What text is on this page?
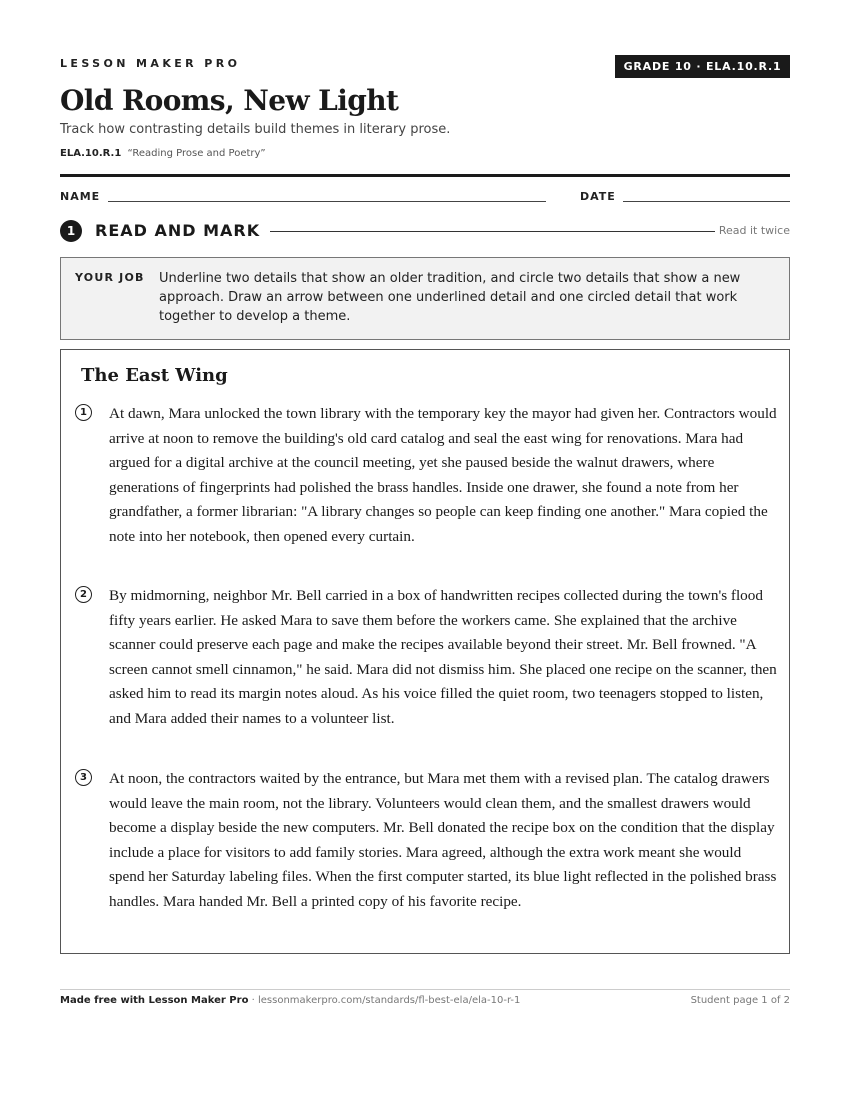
LESSON MAKER PRO	GRADE 10 · ELA.10.R.1
Old Rooms, New Light
Track how contrasting details build themes in literary prose.
ELA.10.R.1 “Reading Prose and Poetry”
NAME	DATE
1	READ AND MARK	Read it twice
YOUR JOB Underline two details that show an older tradition, and circle two details that show a new approach. Draw an arrow between one underlined detail and one circled detail that work together to develop a theme.
The East Wing
1	At dawn, Mara unlocked the town library with the temporary key the mayor had given her. Contractors would arrive at noon to remove the building's old card catalog and seal the east wing for renovations. Mara had argued for a digital archive at the council meeting, yet she paused beside the walnut drawers, where generations of fingerprints had polished the brass handles. Inside one drawer, she found a note from her grandfather, a former librarian: "A library changes so people can keep finding one another." Mara copied the note into her notebook, then opened every curtain.

2	By midmorning, neighbor Mr. Bell carried in a box of handwritten recipes collected during the town's flood fifty years earlier. He asked Mara to save them before the workers came. She explained that the archive scanner could preserve each page and make the recipes available beyond their street. Mr. Bell frowned. "A screen cannot smell cinnamon," he said. Mara did not dismiss him. She placed one recipe on the scanner, then asked him to read its margin notes aloud. As his voice filled the quiet room, two teenagers stopped to listen, and Mara added their names to a volunteer list.

3	At noon, the contractors waited by the entrance, but Mara met them with a revised plan. The catalog drawers would leave the main room, not the library. Volunteers would clean them, and the smallest drawers would become a display beside the new computers. Mr. Bell donated the recipe box on the condition that the display include a place for visitors to add family stories. Mara agreed, although the extra work meant she would spend her Saturday labeling files. When the first computer started, its blue light reflected in the polished brass handles. Mara handed Mr. Bell a printed copy of his favorite recipe.

Made free with Lesson Maker Pro · lessonmakerpro.com/standards/fl-best-ela/ela-10-r-1	Student page 1 of 2
